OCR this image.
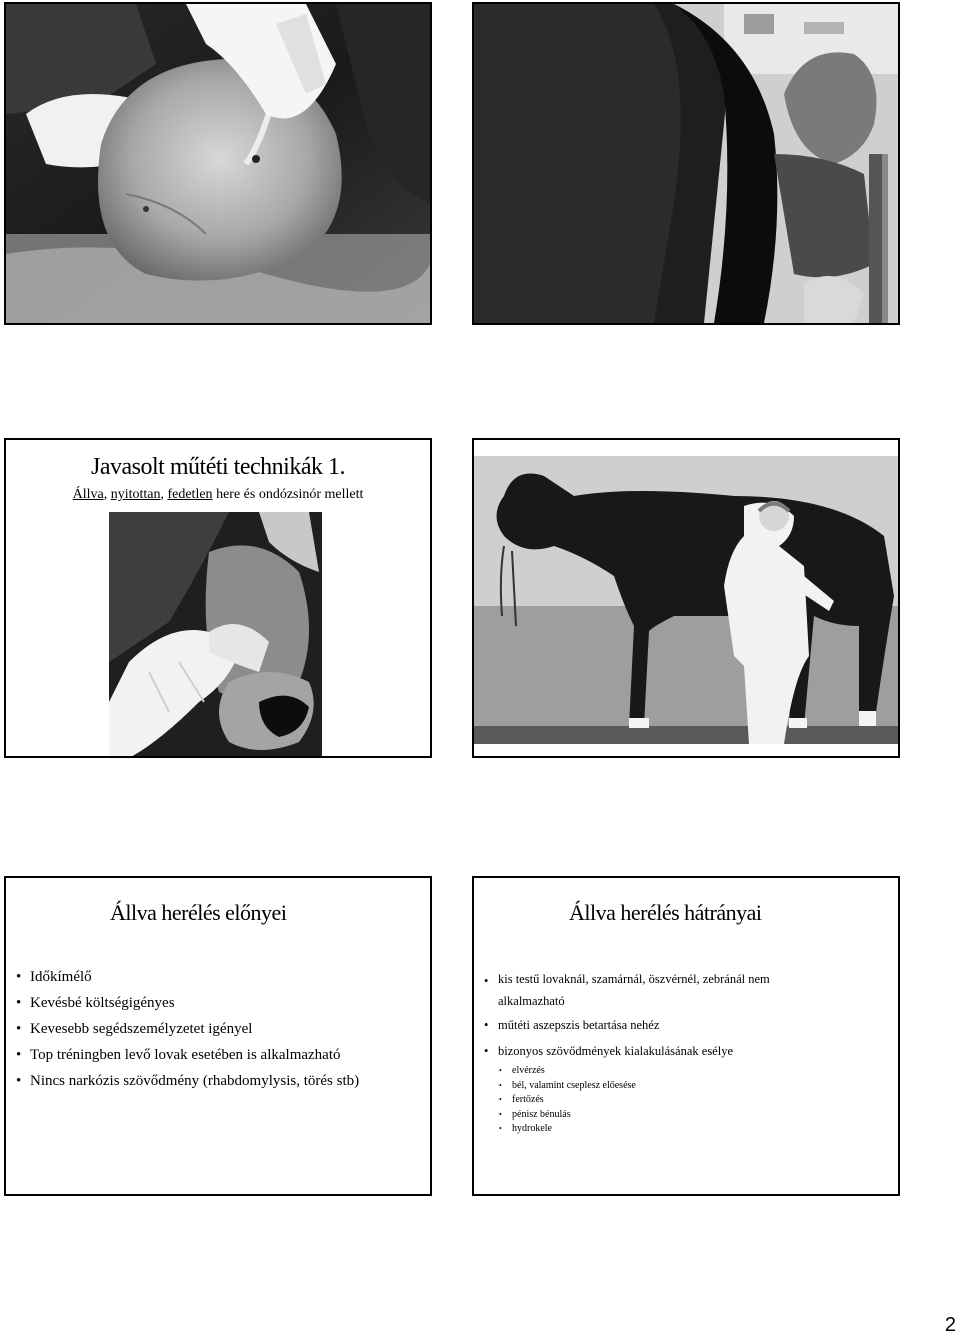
Javasolt műtéti technikák 1.
Állva, nyitottan, fedetlen here és ondózsinór mellett
Állva herélés előnyei
• Időkímélő
• Kevésbé költségigényes
• Kevesebb segédszemélyzetet igényel
• Top tréningben levő lovak esetében is alkalmazható
• Nincs narkózis szövődmény (rhabdomylysis, törés stb)
Állva herélés hátrányai
• kis testű lovaknál, szamárnál, öszvérnél, zebránál nem
alkalmazható
• műtéti aszepszis betartása nehéz
• bizonyos szövődmények kialakulásának esélye
• elvérzés
• bél, valamint cseplesz előesése
• fertőzés
• pénisz bénulás
• hydrokele
2
